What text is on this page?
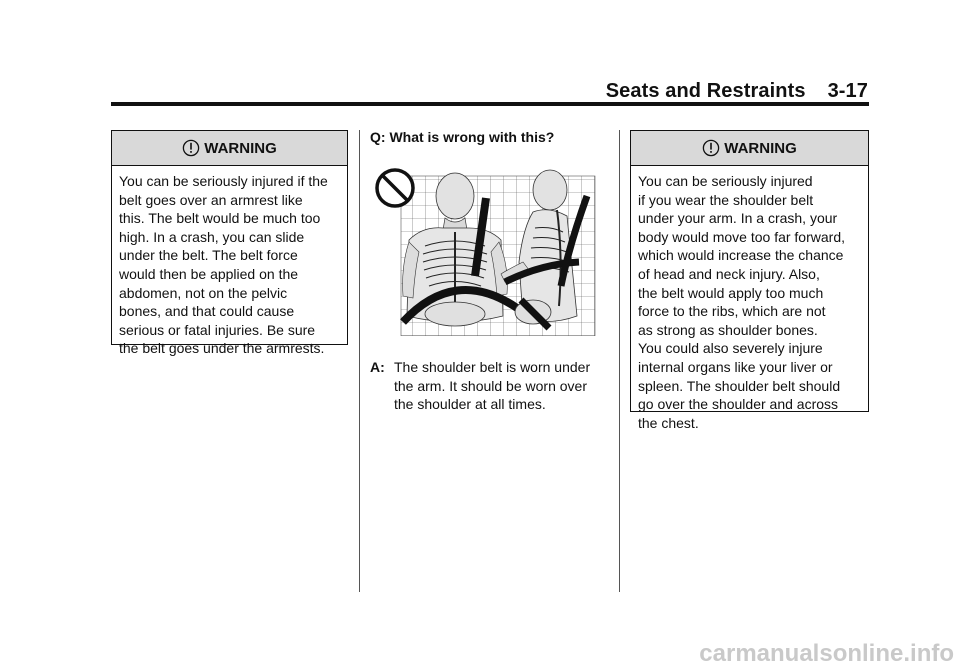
Seats and Restraints 3-17
WARNING
You can be seriously injured if the
belt goes over an armrest like
this. The belt would be much too
high. In a crash, you can slide
under the belt. The belt force
would then be applied on the
abdomen, not on the pelvic
bones, and that could cause
serious or fatal injuries. Be sure
the belt goes under the armrests.
Q: What is wrong with this?
A: The shoulder belt is worn under
the arm. It should be worn over
the shoulder at all times.
WARNING
You can be seriously injured
if you wear the shoulder belt
under your arm. In a crash, your
body would move too far forward,
which would increase the chance
of head and neck injury. Also,
the belt would apply too much
force to the ribs, which are not
as strong as shoulder bones.
You could also severely injure
internal organs like your liver or
spleen. The shoulder belt should
go over the shoulder and across
the chest.
carmanualsonline.info
